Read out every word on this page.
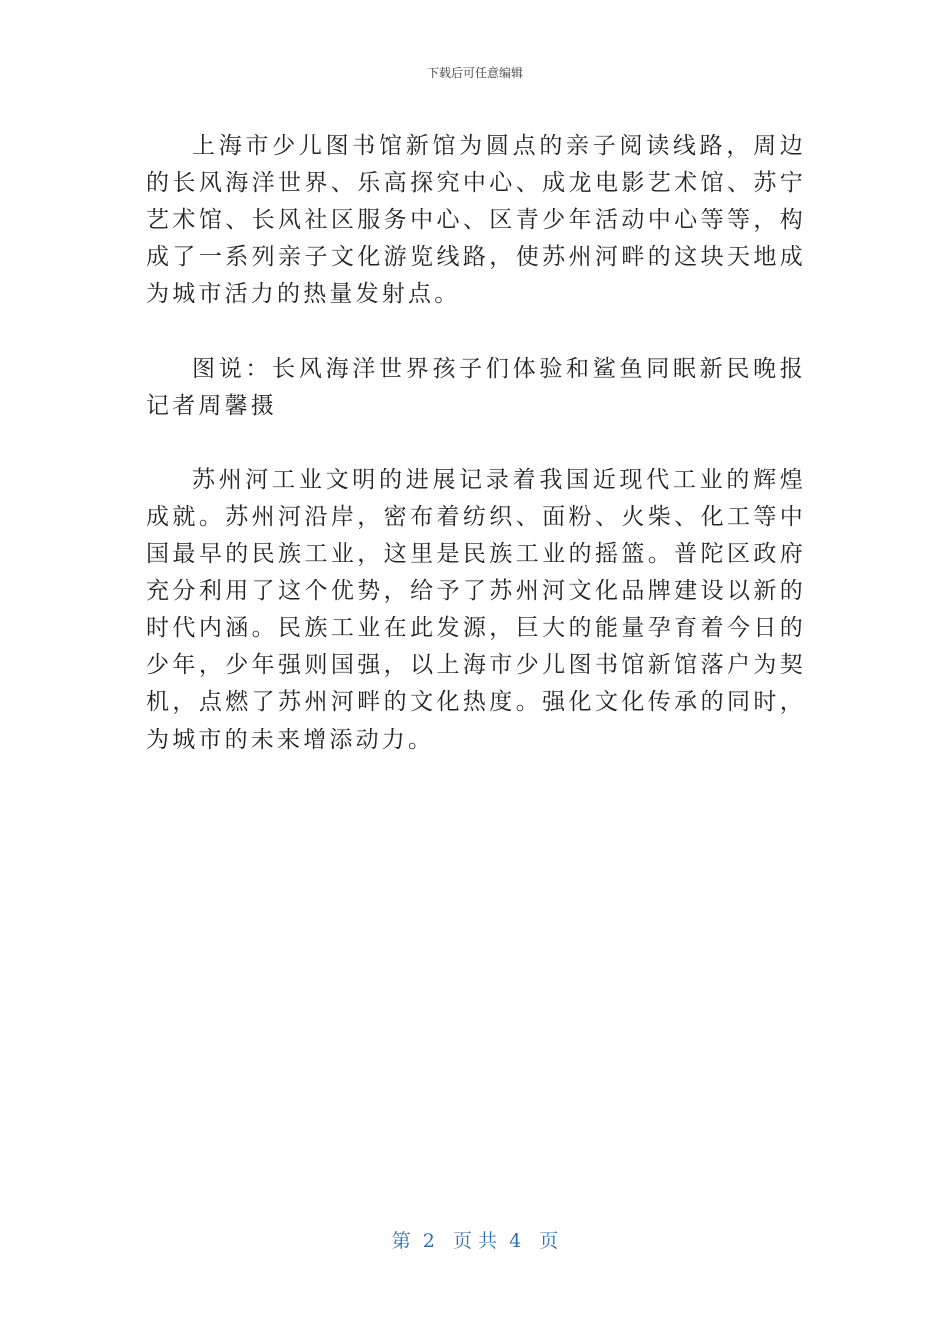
下载后可任意编辑

上海市少儿图书馆新馆为圆点的亲子阅读线路，周边的长风海洋世界、乐高探究中心、成龙电影艺术馆、苏宁艺术馆、长风社区服务中心、区青少年活动中心等等，构成了一系列亲子文化游览线路，使苏州河畔的这块天地成为城市活力的热量发射点。

图说：长风海洋世界孩子们体验和鲨鱼同眠新民晚报记者周馨摄

苏州河工业文明的进展记录着我国近现代工业的辉煌成就。苏州河沿岸，密布着纺织、面粉、火柴、化工等中国最早的民族工业，这里是民族工业的摇篮。普陀区政府充分利用了这个优势，给予了苏州河文化品牌建设以新的时代内涵。民族工业在此发源，巨大的能量孕育着今日的少年，少年强则国强，以上海市少儿图书馆新馆落户为契机，点燃了苏州河畔的文化热度。强化文化传承的同时，为城市的未来增添动力。

第  2   页 共  4   页
